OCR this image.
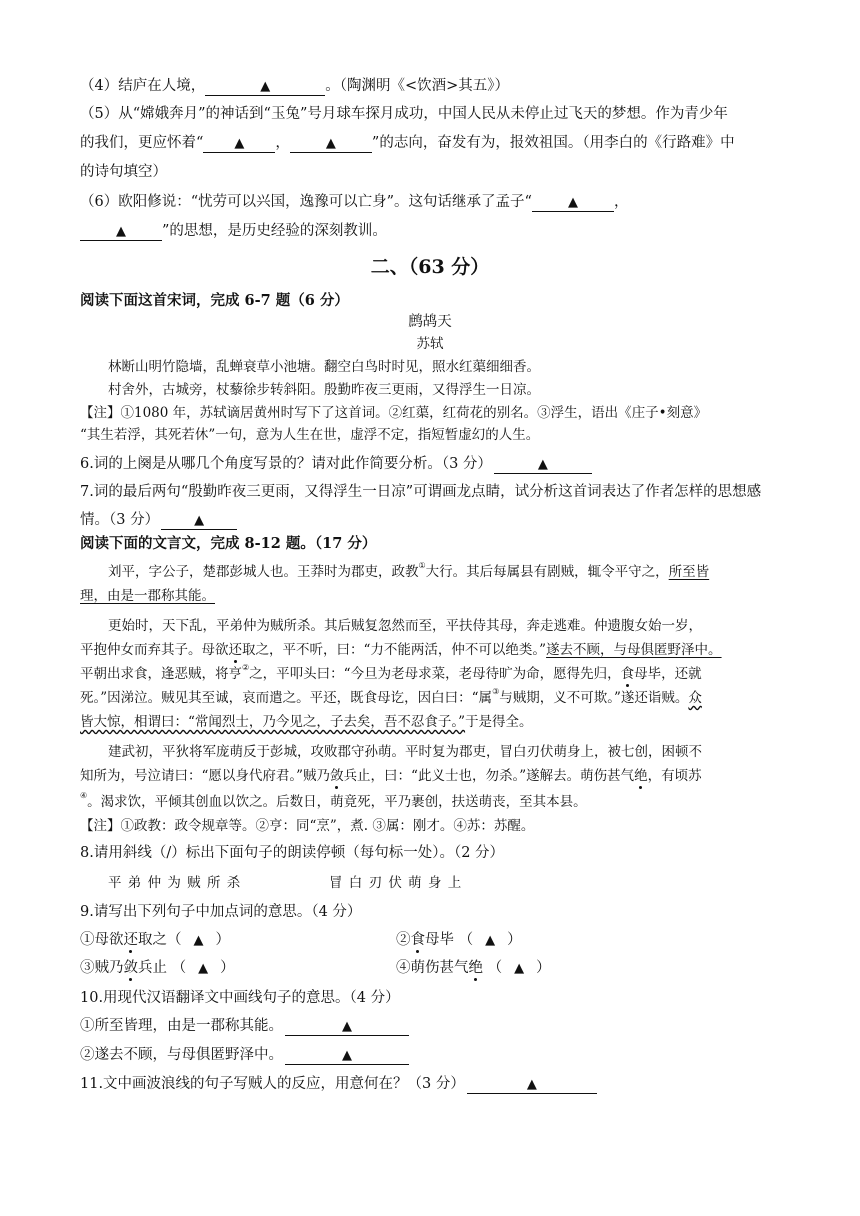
（4）结庐在人境，	▲	。（陶渊明《<饮酒>其五》）
（5）从“嫦娥奔月”的神话到“玉兔”号月球车探月成功，中国人民从未停止过飞天的梦想。作为青少年
的我们，更应怀着“ ▲ ，	▲ ”的志向，奋发有为，报效祖国。（用李白的《行路难》中
的诗句填空）
（6）欧阳修说：“忧劳可以兴国，逸豫可以亡身”。这句话继承了孟子“	▲ ，
▲ ”的思想，是历史经验的深刻教训。
二、（63 分）
阅读下面这首宋词，完成 6-7 题（6 分）
鹧鸪天
苏轼
林断山明竹隐墙，乱蝉衰草小池塘。翻空白鸟时时见，照水红蕖细细香。
村舍外，古城旁，杖藜徐步转斜阳。殷勤昨夜三更雨，又得浮生一日凉。
【注】①1080 年，苏轼谪居黄州时写下了这首词。②红蕖，红荷花的别名。③浮生，语出《庄子•刻意》
“其生若浮，其死若休”一句，意为人生在世，虚浮不定，指短暂虚幻的人生。
6.词的上阕是从哪几个角度写景的？请对此作简要分析。（3 分）	▲
7.词的最后两句“殷勤昨夜三更雨，又得浮生一日凉”可谓画龙点睛，试分析这首词表达了作者怎样的思想感
情。（3 分）	▲
阅读下面的文言文，完成 8-12 题。（17 分）
刘平，字公子，楚郡彭城人也。王莽时为郡吏，政教①大行。其后每属县有剧贼，辄令平守之，所至皆
理，由是一郡称其能。
更始时，天下乱，平弟仲为贼所杀。其后贼复忽然而至，平扶侍其母，奔走逃难。仲遗腹女始一岁，
平抱仲女而弃其子。母欲还取之，平不听，曰：“力不能两活，仲不可以绝类。”遂去不顾，与母俱匿野泽中。
平朝出求食，逢恶贼，将亨②之，平叩头曰：“今旦为老母求菜，老母待旷为命，愿得先归，食母毕，还就
死。”因涕泣。贼见其至诚，哀而遣之。平还，既食母讫，因白曰：“属③与贼期，义不可欺。”遂还诣贼。众
皆大惊，相谓曰：“常闻烈士，乃今见之，子去矣，吾不忍食子。”于是得全。
建武初，平狄将军庞萌反于彭城，攻败郡守孙萌。平时复为郡吏，冒白刃伏萌身上，被七创，困顿不
知所为，号泣请曰：“愿以身代府君。”贼乃敛兵止，曰：“此义士也，勿杀。”遂解去。萌伤甚气绝，有顷苏
④。渴求饮，平倾其创血以饮之。后数日，萌竟死，平乃裹创，扶送萌丧，至其本县。
【注】①政教：政令规章等。②亨：同“烹”，煮. ③属：刚才。④苏：苏醒。
8.请用斜线（/）标出下面句子的朗读停顿（每句标一处）。（2 分）
平 弟 仲 为 贼 所 杀	冒 白 刃 伏 萌 身 上
9.请写出下列句子中加点词的意思。（4 分）
①母欲还取之（ ▲ ）	②食母毕 （ ▲ ）
③贼乃敛兵止 （ ▲ ）	④萌伤甚气绝 （ ▲ ）
10.用现代汉语翻译文中画线句子的意思。（4 分）
①所至皆理，由是一郡称其能。	▲
②遂去不顾，与母俱匿野泽中。	▲
11.文中画波浪线的句子写贼人的反应，用意何在？（3 分）	▲
